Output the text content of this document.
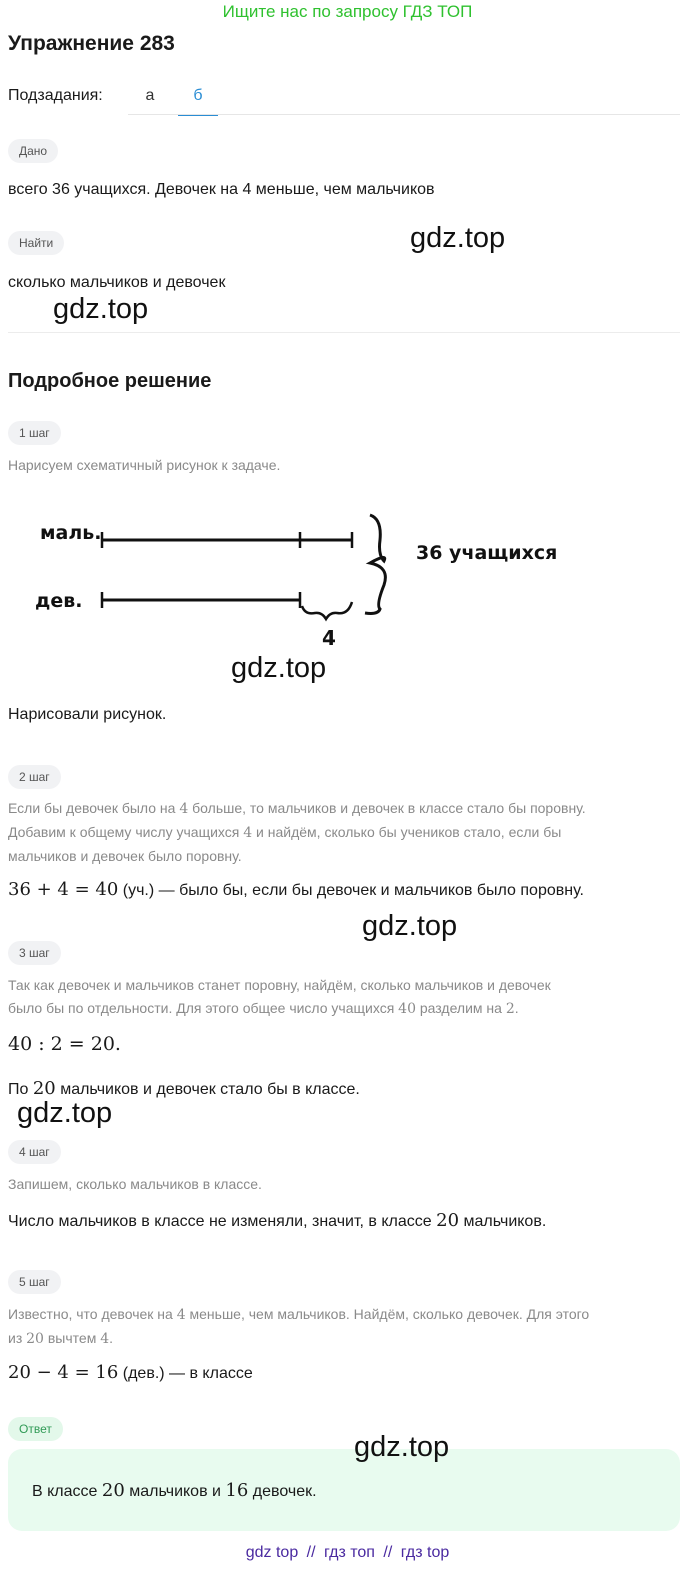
Ищите нас по запросу ГДЗ ТОП
Упражнение 283
Подзадания:	а	б
Дано
всего 36 учащихся. Девочек на 4 меньше, чем мальчиков
Найти	gdz.top
сколько мальчиков и девочек
gdz.top
Подробное решение
1 шаг
Нарисуем схематичный рисунок к задаче.
маль.
дев.
4
36 учащихся
gdz.top
Нарисовали рисунок.
2 шаг
Если бы девочек было на 4 больше, то мальчиков и девочек в классе стало бы поровну.
Добавим к общему числу учащихся 4 и найдём, сколько бы учеников стало, если бы
мальчиков и девочек было поровну.
36 + 4 = 40 (уч.) — было бы, если бы девочек и мальчиков было поровну.
gdz.top
3 шаг
Так как девочек и мальчиков станет поровну, найдём, сколько мальчиков и девочек
было бы по отдельности. Для этого общее число учащихся 40 разделим на 2.
40 : 2 = 20.
По 20 мальчиков и девочек стало бы в классе.
gdz.top
4 шаг
Запишем, сколько мальчиков в классе.
Число мальчиков в классе не изменяли, значит, в классе 20 мальчиков.
5 шаг
Известно, что девочек на 4 меньше, чем мальчиков. Найдём, сколько девочек. Для этого
из 20 вычтем 4.
20 − 4 = 16 (дев.) — в классе
Ответ
gdz.top
В классе 20 мальчиков и 16 девочек.
gdz top // гдз топ // гдз top
